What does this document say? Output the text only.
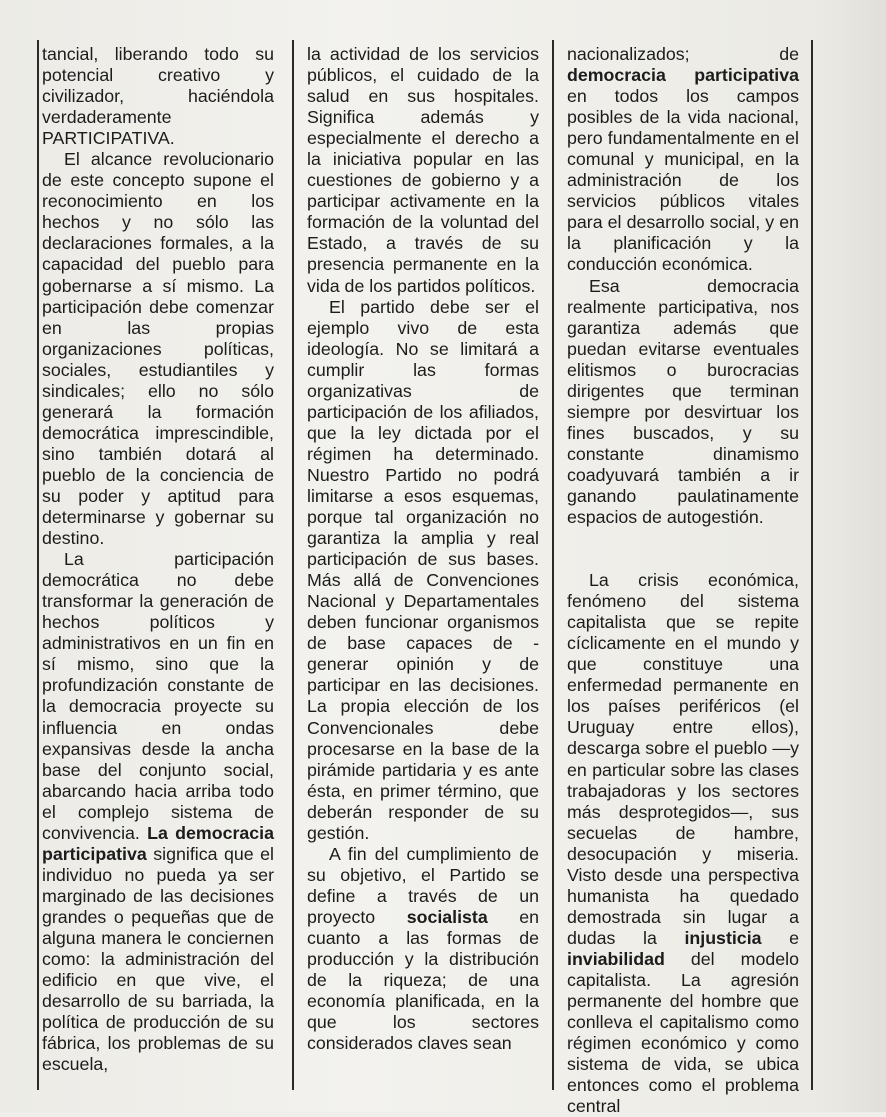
tancial, liberando todo su potencial creativo y civilizador, haciéndola verdaderamente PARTICIPATIVA.

El alcance revolucionario de este concepto supone el reconocimiento en los hechos y no sólo las declaraciones formales, a la capacidad del pueblo para gobernarse a sí mismo. La participación debe comenzar en las propias organizaciones políticas, sociales, estudiantiles y sindicales; ello no sólo generará la formación democrática imprescindible, sino también dotará al pueblo de la conciencia de su poder y aptitud para determinarse y gobernar su destino.

La participación democrática no debe transformar la generación de hechos políticos y administrativos en un fin en sí mismo, sino que la profundización constante de la democracia proyecte su influencia en ondas expansivas desde la ancha base del conjunto social, abarcando hacia arriba todo el complejo sistema de convivencia. La democracia participativa significa que el individuo no pueda ya ser marginado de las decisiones grandes o pequeñas que de alguna manera le conciernen como: la administración del edificio en que vive, el desarrollo de su barriada, la política de producción de su fábrica, los problemas de su escuela,

la actividad de los servicios públicos, el cuidado de la salud en sus hospitales. Significa además y especialmente el derecho a la iniciativa popular en las cuestiones de gobierno y a participar activamente en la formación de la voluntad del Estado, a través de su presencia permanente en la vida de los partidos políticos.

El partido debe ser el ejemplo vivo de esta ideología. No se limitará a cumplir las formas organizativas de participación de los afiliados, que la ley dictada por el régimen ha determinado. Nuestro Partido no podrá limitarse a esos esquemas, porque tal organización no garantiza la amplia y real participación de sus bases. Más allá de Convenciones Nacional y Departamentales deben funcionar organismos de base capaces de - generar opinión y de participar en las decisiones. La propia elección de los Convencionales debe procesarse en la base de la pirámide partidaria y es ante ésta, en primer término, que deberán responder de su gestión.

A fin del cumplimiento de su objetivo, el Partido se define a través de un proyecto socialista en cuanto a las formas de producción y la distribución de la riqueza; de una economía planificada, en la que los sectores considerados claves sean

nacionalizados; de democracia participativa en todos los campos posibles de la vida nacional, pero fundamentalmente en el comunal y municipal, en la administración de los servicios públicos vitales para el desarrollo social, y en la planificación y la conducción económica.

Esa democracia realmente participativa, nos garantiza además que puedan evitarse eventuales elitismos o burocracias dirigentes que terminan siempre por desvirtuar los fines buscados, y su constante dinamismo coadyuvará también a ir ganando paulatinamente espacios de autogestión.

La crisis económica, fenómeno del sistema capitalista que se repite cíclicamente en el mundo y que constituye una enfermedad permanente en los países periféricos (el Uruguay entre ellos), descarga sobre el pueblo —y en particular sobre las clases trabajadoras y los sectores más desprotegidos—, sus secuelas de hambre, desocupación y miseria. Visto desde una perspectiva humanista ha quedado demostrada sin lugar a dudas la injusticia e inviabilidad del modelo capitalista. La agresión permanente del hombre que conlleva el capitalismo como régimen económico y como sistema de vida, se ubica entonces como el problema central
